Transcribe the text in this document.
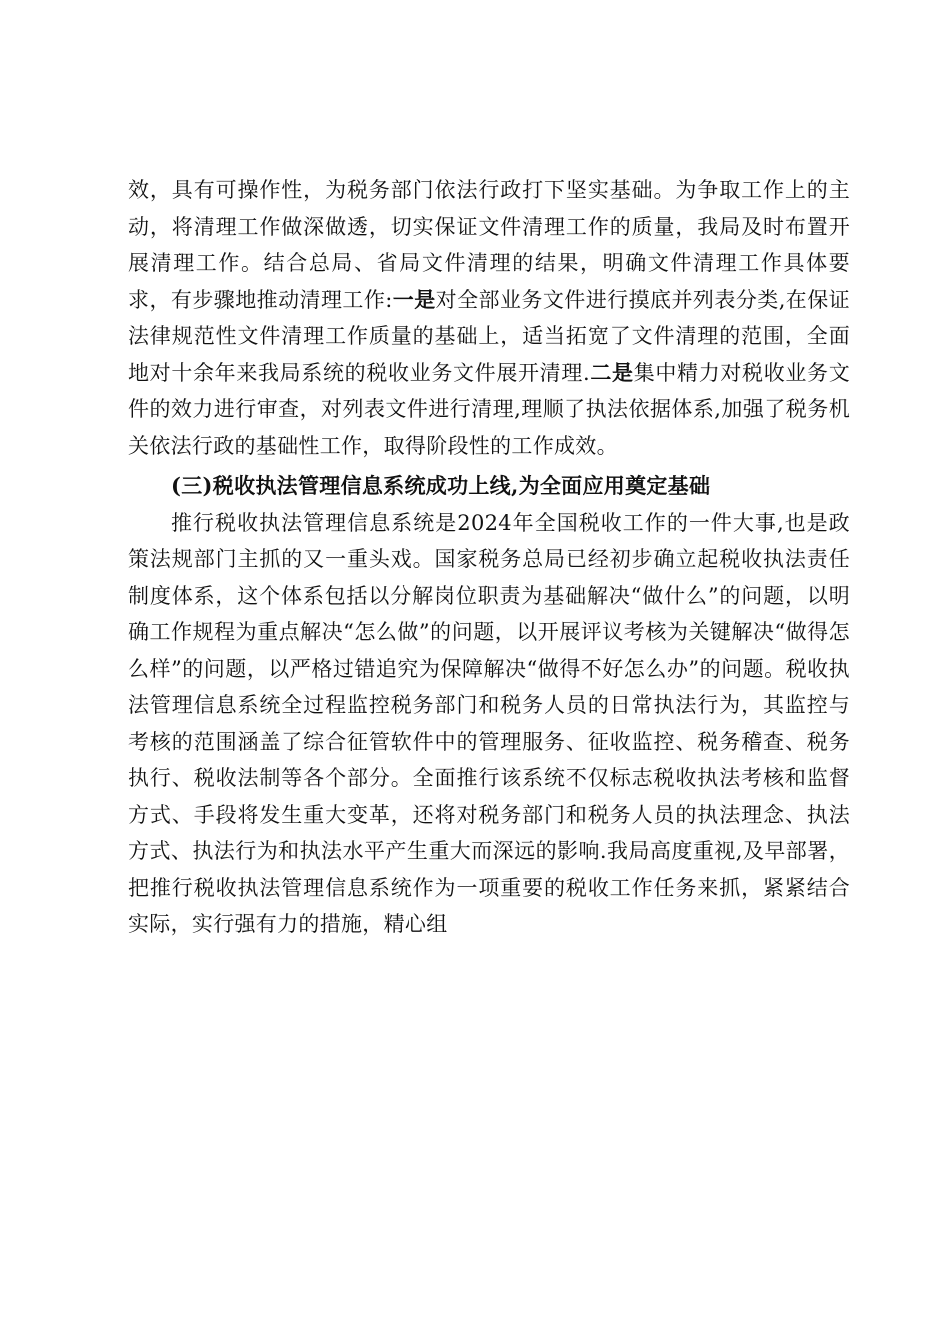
效，具有可操作性，为税务部门依法行政打下坚实基础。为争取工作上的主动，将清理工作做深做透，切实保证文件清理工作的质量，我局及时布置开展清理工作。结合总局、省局文件清理的结果，明确文件清理工作具体要求，有步骤地推动清理工作:一是对全部业务文件进行摸底并列表分类,在保证法律规范性文件清理工作质量的基础上，适当拓宽了文件清理的范围，全面地对十余年来我局系统的税收业务文件展开清理.二是集中精力对税收业务文件的效力进行审查，对列表文件进行清理,理顺了执法依据体系,加强了税务机关依法行政的基础性工作，取得阶段性的工作成效。

(三)税收执法管理信息系统成功上线,为全面应用奠定基础

推行税收执法管理信息系统是2024年全国税收工作的一件大事,也是政策法规部门主抓的又一重头戏。国家税务总局已经初步确立起税收执法责任制度体系，这个体系包括以分解岗位职责为基础解决“做什么”的问题，以明确工作规程为重点解决“怎么做”的问题，以开展评议考核为关键解决“做得怎么样”的问题，以严格过错追究为保障解决“做得不好怎么办”的问题。税收执法管理信息系统全过程监控税务部门和税务人员的日常执法行为，其监控与考核的范围涵盖了综合征管软件中的管理服务、征收监控、税务稽查、税务执行、税收法制等各个部分。全面推行该系统不仅标志税收执法考核和监督方式、手段将发生重大变革，还将对税务部门和税务人员的执法理念、执法方式、执法行为和执法水平产生重大而深远的影响.我局高度重视,及早部署，把推行税收执法管理信息系统作为一项重要的税收工作任务来抓，紧紧结合实际，实行强有力的措施，精心组
